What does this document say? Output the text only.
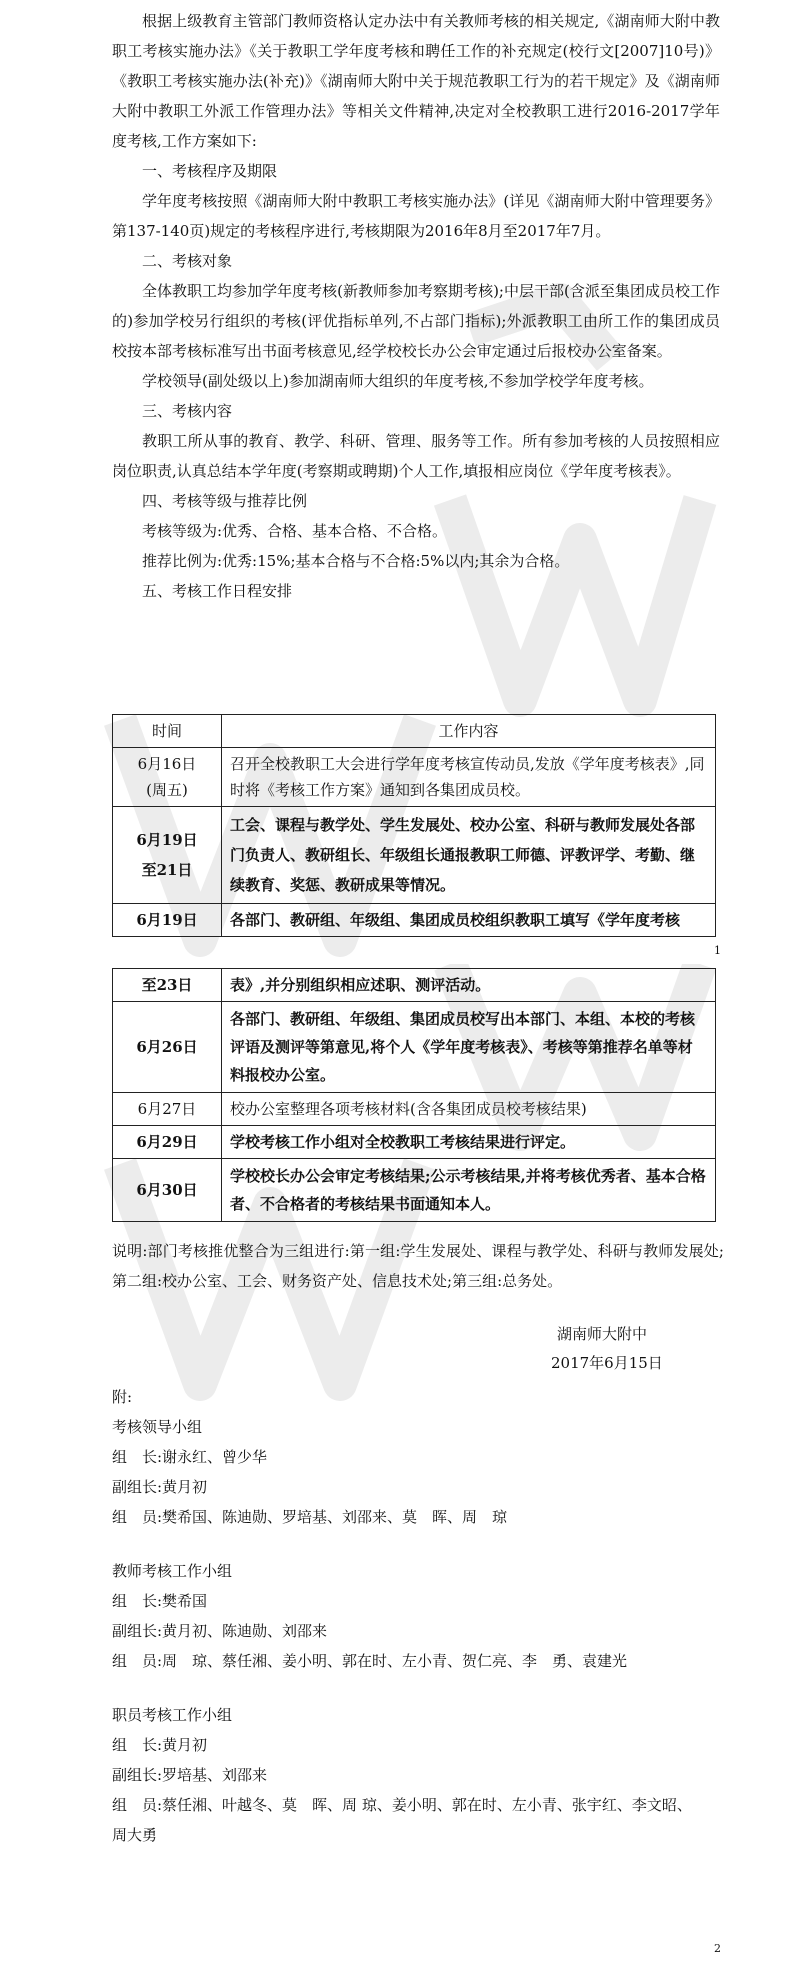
根据上级教育主管部门教师资格认定办法中有关教师考核的相关规定,《湖南师大附中教职工考核实施办法》《关于教职工学年度考核和聘任工作的补充规定(校行文[2007]10号)》《教职工考核实施办法(补充)》《湖南师大附中关于规范教职工行为的若干规定》及《湖南师大附中教职工外派工作管理办法》等相关文件精神,决定对全校教职工进行2016-2017学年度考核,工作方案如下:

一、考核程序及期限

学年度考核按照《湖南师大附中教职工考核实施办法》(详见《湖南师大附中管理要务》第137-140页)规定的考核程序进行,考核期限为2016年8月至2017年7月。

二、考核对象

全体教职工均参加学年度考核(新教师参加考察期考核);中层干部(含派至集团成员校工作的)参加学校另行组织的考核(评优指标单列,不占部门指标);外派教职工由所工作的集团成员校按本部考核标准写出书面考核意见,经学校校长办公会审定通过后报校办公室备案。

学校领导(副处级以上)参加湖南师大组织的年度考核,不参加学校学年度考核。

三、考核内容

教职工所从事的教育、教学、科研、管理、服务等工作。所有参加考核的人员按照相应岗位职责,认真总结本学年度(考察期或聘期)个人工作,填报相应岗位《学年度考核表》。

四、考核等级与推荐比例

考核等级为:优秀、合格、基本合格、不合格。

推荐比例为:优秀:15%;基本合格与不合格:5%以内;其余为合格。

五、考核工作日程安排

时间	工作内容

6月16日
(周五)	召开全校教职工大会进行学年度考核宣传动员,发放《学年度考核表》,同时将《考核工作方案》通知到各集团成员校。

6月19日
至21日	工会、课程与教学处、学生发展处、校办公室、科研与教师发展处各部门负责人、教研组长、年级组长通报教职工师德、评教评学、考勤、继续教育、奖惩、教研成果等情况。
6月19日	各部门、教研组、年级组、集团成员校组织教职工填写《学年度考核
1
至23日	表》,并分别组织相应述职、测评活动。
6月26日	各部门、教研组、年级组、集团成员校写出本部门、本组、本校的考核评语及测评等第意见,将个人《学年度考核表》、考核等第推荐名单等材料报校办公室。
6月27日	校办公室整理各项考核材料(含各集团成员校考核结果)
6月29日	学校考核工作小组对全校教职工考核结果进行评定。
6月30日	学校校长办公会审定考核结果;公示考核结果,并将考核优秀者、基本合格者、不合格者的考核结果书面通知本人。

说明:部门考核推优整合为三组进行:第一组:学生发展处、课程与教学处、科研与教师发展处;第二组:校办公室、工会、财务资产处、信息技术处;第三组:总务处。

湖南师大附中
2017年6月15日

附:

考核领导小组

组　长:谢永红、曾少华

副组长:黄月初

组　员:樊希国、陈迪勋、罗培基、刘邵来、莫　晖、周　琼

教师考核工作小组

组　长:樊希国

副组长:黄月初、陈迪勋、刘邵来

组　员:周　琼、蔡任湘、姜小明、郭在时、左小青、贺仁亮、李　勇、袁建光

职员考核工作小组

组　长:黄月初

副组长:罗培基、刘邵来

组　员:蔡任湘、叶越冬、莫　晖、周 琼、姜小明、郭在时、左小青、张宇红、李文昭、

周大勇

2
